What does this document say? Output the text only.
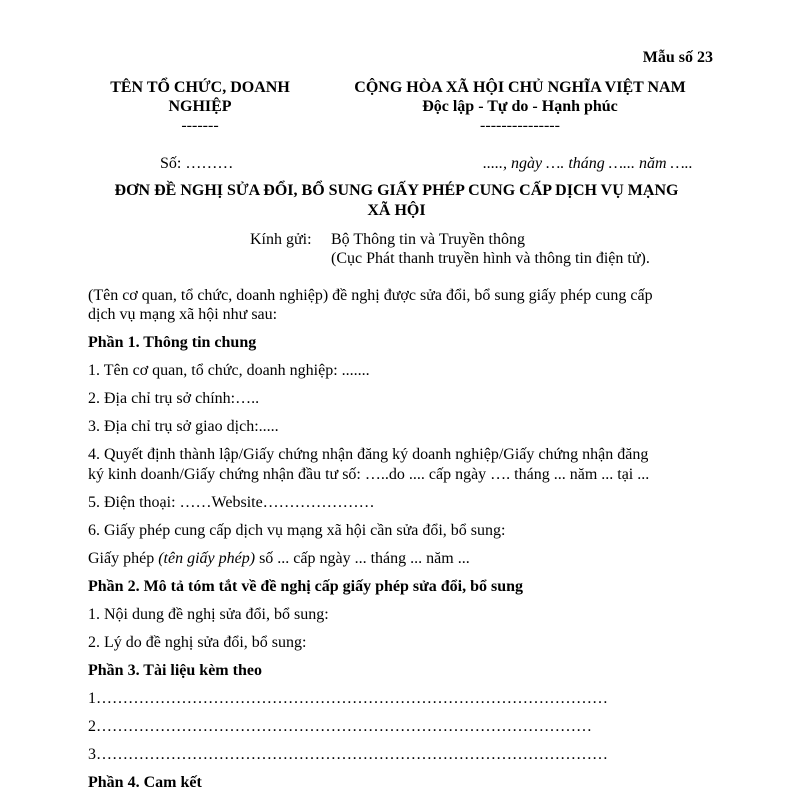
Mẫu số 23
TÊN TỔ CHỨC, DOANH
NGHIỆP
-------
CỘNG HÒA XÃ HỘI CHỦ NGHĨA VIỆT NAM
Độc lập - Tự do - Hạnh phúc
---------------
Số: ………	....., ngày …. tháng …... năm …..
ĐƠN ĐỀ NGHỊ SỬA ĐỔI, BỔ SUNG GIẤY PHÉP CUNG CẤP DỊCH VỤ MẠNG
XÃ HỘI
Kính gửi: Bộ Thông tin và Truyền thông
(Cục Phát thanh truyền hình và thông tin điện tử).
(Tên cơ quan, tổ chức, doanh nghiệp) đề nghị được sửa đổi, bổ sung giấy phép cung cấp
dịch vụ mạng xã hội như sau:
Phần 1. Thông tin chung
1. Tên cơ quan, tổ chức, doanh nghiệp: .......
2. Địa chỉ trụ sở chính:…..
3. Địa chỉ trụ sở giao dịch:.....
4. Quyết định thành lập/Giấy chứng nhận đăng ký doanh nghiệp/Giấy chứng nhận đăng
ký kinh doanh/Giấy chứng nhận đầu tư số: …..do .... cấp ngày …. tháng ... năm ... tại ...
5. Điện thoại: ……Website…………………
6. Giấy phép cung cấp dịch vụ mạng xã hội cần sửa đổi, bổ sung:
Giấy phép (tên giấy phép) số ... cấp ngày ... tháng ... năm ...
Phần 2. Mô tả tóm tắt về đề nghị cấp giấy phép sửa đổi, bổ sung
1. Nội dung đề nghị sửa đổi, bổ sung:
2. Lý do đề nghị sửa đổi, bổ sung:
Phần 3. Tài liệu kèm theo
1……………………………………………………………………………………
2…………………………………………………………………………………
3……………………………………………………………………………………
Phần 4. Cam kết
